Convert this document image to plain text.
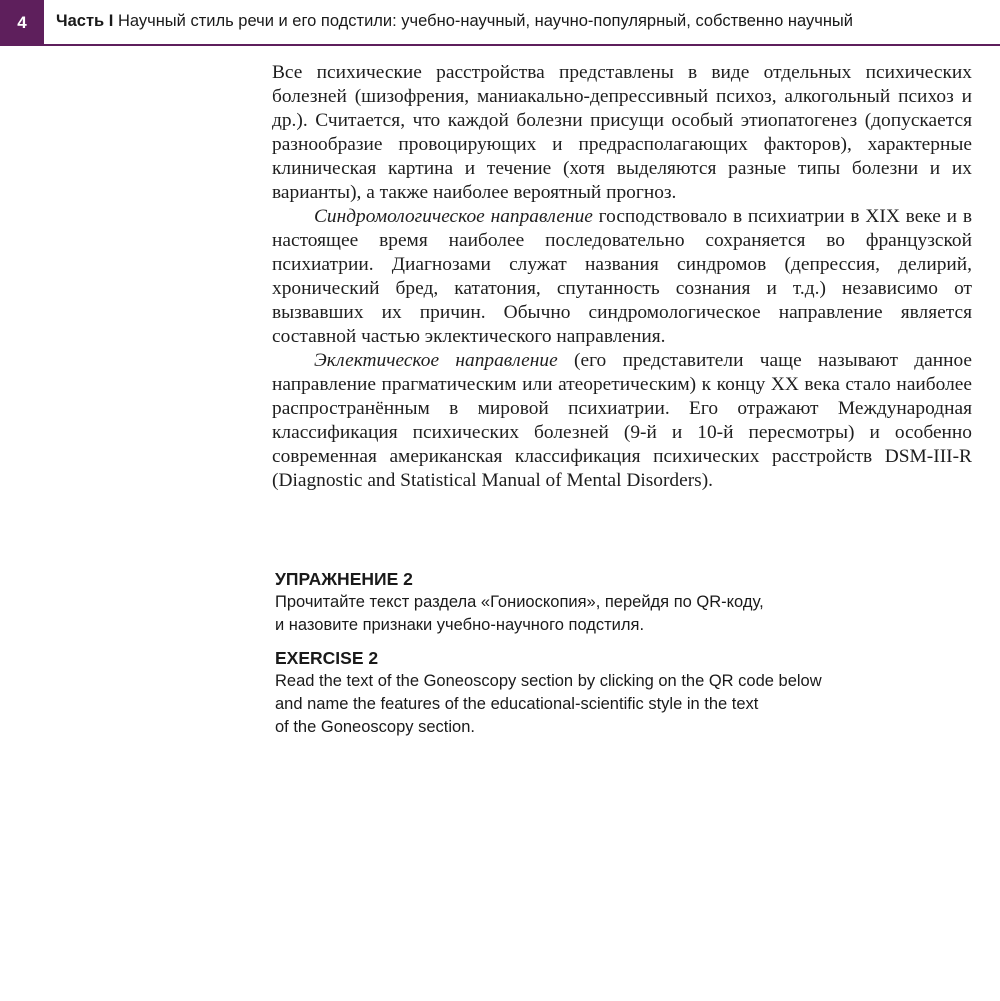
4	Часть I Научный стиль речи и его подстили: учебно-научный, научно-популярный, собственно научный

Все психические расстройства представлены в виде отдельных психических болезней (шизофрения, маниакально-депрессивный психоз, алкогольный психоз и др.). Считается, что каждой болезни присущи особый этиопатогенез (допускается разнообразие провоцирующих и предрасполагающих факторов), характерные клиническая картина и течение (хотя выделяются разные типы болезни и их варианты), а также наиболее вероятный прогноз.

Синдромологическое направление господствовало в психиатрии в XIX веке и в настоящее время наиболее последовательно сохраняется во французской психиатрии. Диагнозами служат названия синдромов (депрессия, делирий, хронический бред, кататония, спутанность сознания и т.д.) независимо от вызвавших их причин. Обычно синдромологическое направление является составной частью эклектического направления.

Эклектическое направление (его представители чаще называют данное направление прагматическим или атеоретическим) к концу XX века стало наиболее распространённым в мировой психиатрии. Его отражают Международная классификация психических болезней (9-й и 10-й пересмотры) и особенно современная американская классификация психических расстройств DSM-III-R (Diagnostic and Statistical Manual of Mental Disorders).

УПРАЖНЕНИЕ 2
Прочитайте текст раздела «Гониоскопия», перейдя по QR-коду,
и назовите признаки учебно-научного подстиля.
EXERCISE 2
Read the text of the Goneoscopy section by clicking on the QR code below
and name the features of the educational-scientific style in the text
of the Goneoscopy section.
